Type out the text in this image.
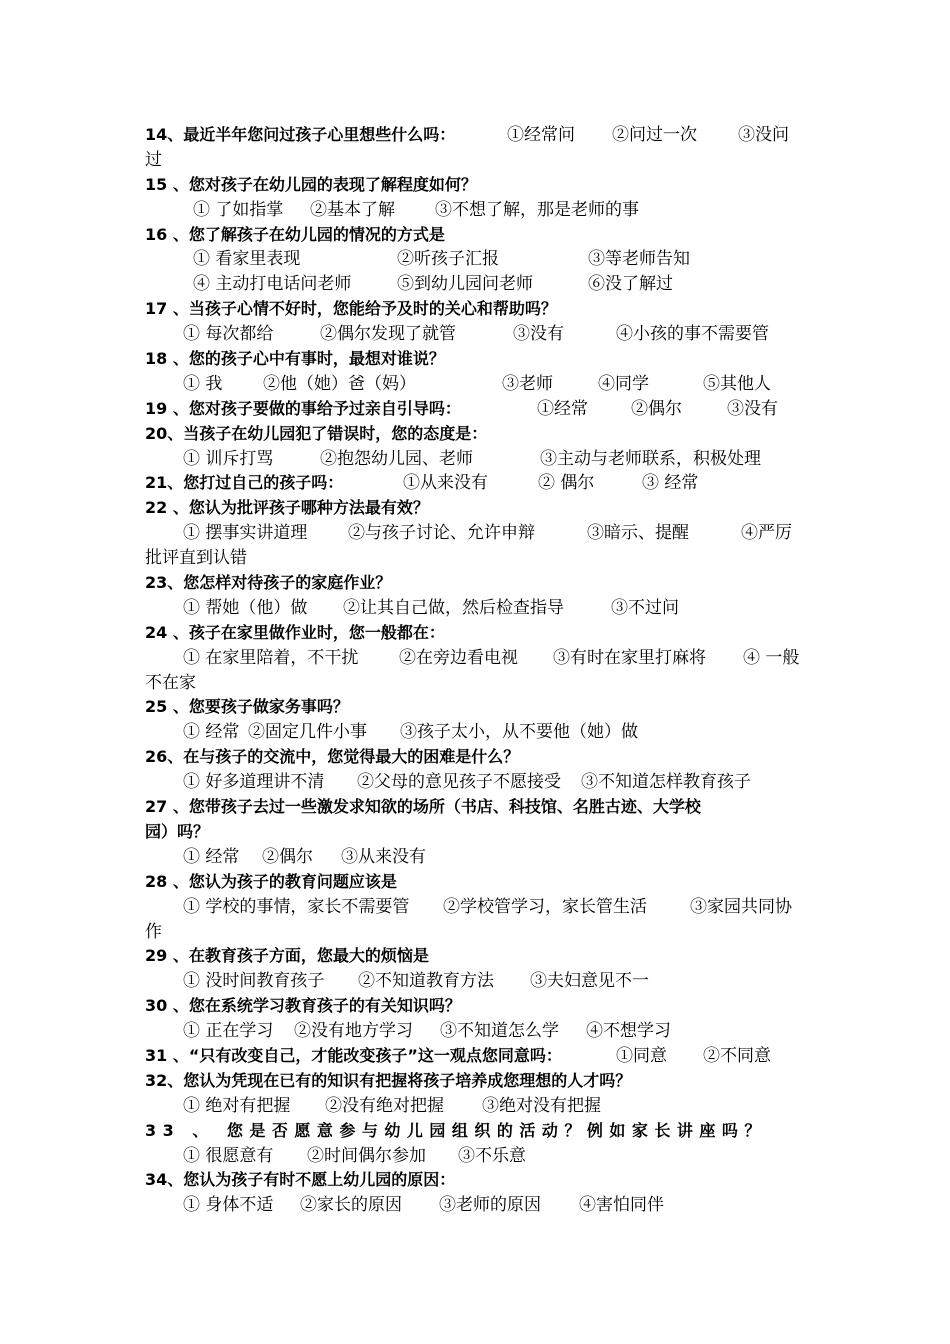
14、最近半年您问过孩子心里想些什么吗：	①经常问 ②问过一次 ③没问
过
15 、您对孩子在幼儿园的表现了解程度如何？
① 了如指掌 ②基本了解 ③不想了解，那是老师的事
16 、您了解孩子在幼儿园的情况的方式是
① 看家里表现	②听孩子汇报	③等老师告知
④ 主动打电话问老师	⑤到幼儿园问老师	⑥没了解过
17 、当孩子心情不好时，您能给予及时的关心和帮助吗？
① 每次都给	②偶尔发现了就管	③没有	④小孩的事不需要管
18 、您的孩子心中有事时，最想对谁说？
① 我 ②他（她）爸（妈）	③老师	④同学	⑤其他人
19 、您对孩子要做的事给予过亲自引导吗：	①经常	②偶尔	③没有
20、当孩子在幼儿园犯了错误时，您的态度是：
① 训斥打骂	②抱怨幼儿园、老师	③主动与老师联系，积极处理
21、您打过自己的孩子吗：	①从来没有	② 偶尔	③ 经常
22 、您认为批评孩子哪种方法最有效？
① 摆事实讲道理 ②与孩子讨论、允许申辩	③暗示、提醒	④严厉
批评直到认错
23、您怎样对待孩子的家庭作业？
① 帮她（他）做 ②让其自己做，然后检查指导	③不过问
24 、孩子在家里做作业时，您一般都在：
① 在家里陪着，不干扰 ②在旁边看电视 ③有时在家里打麻将 ④ 一般
不在家
25 、您要孩子做家务事吗？
① 经常 ②固定几件小事 ③孩子太小，从不要他（她）做
26、在与孩子的交流中，您觉得最大的困难是什么？
① 好多道理讲不清 ②父母的意见孩子不愿接受 ③不知道怎样教育孩子
27 、您带孩子去过一些激发求知欲的场所（书店、科技馆、名胜古迹、大学校
园）吗？
① 经常 ②偶尔 ③从来没有
28 、您认为孩子的教育问题应该是
① 学校的事情，家长不需要管 ②学校管学习，家长管生活	③家园共同协
作
29 、在教育孩子方面，您最大的烦恼是
① 没时间教育孩子 ②不知道教育方法 ③夫妇意见不一
30 、您在系统学习教育孩子的有关知识吗？
① 正在学习 ②没有地方学习 ③不知道怎么学 ④不想学习
31 、“只有改变自己，才能改变孩子”这一观点您同意吗：	①同意 ②不同意
32、您认为凭现在已有的知识有把握将孩子培养成您理想的人才吗？
① 绝对有把握 ②没有绝对把握 ③绝对没有把握
33 、 您是否愿意参与幼儿园组织的活动？例如家长讲座吗？
① 很愿意有 ②时间偶尔参加 ③不乐意
34、您认为孩子有时不愿上幼儿园的原因：
① 身体不适 ②家长的原因 ③老师的原因 ④害怕同伴
